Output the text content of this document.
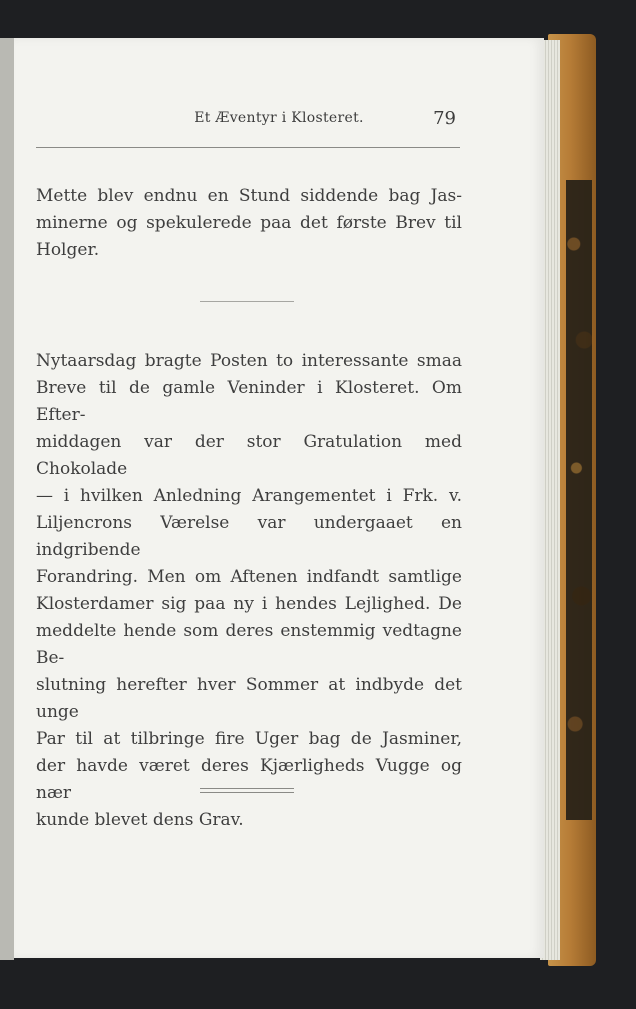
Et Æventyr i Klosteret.	79

Mette blev endnu en Stund siddende bag Jas-
minerne og spekulerede paa det første Brev til
Holger.

Nytaarsdag bragte Posten to interessante smaa
Breve til de gamle Veninder i Klosteret. Om Efter-
middagen var der stor Gratulation med Chokolade
— i hvilken Anledning Arangementet i Frk. v.
Liljencrons Værelse var undergaaet en indgribende
Forandring. Men om Aftenen indfandt samtlige
Klosterdamer sig paa ny i hendes Lejlighed. De
meddelte hende som deres enstemmig vedtagne Be-
slutning herefter hver Sommer at indbyde det unge
Par til at tilbringe fire Uger bag de Jasminer,
der havde været deres Kjærligheds Vugge og nær
kunde blevet dens Grav.
